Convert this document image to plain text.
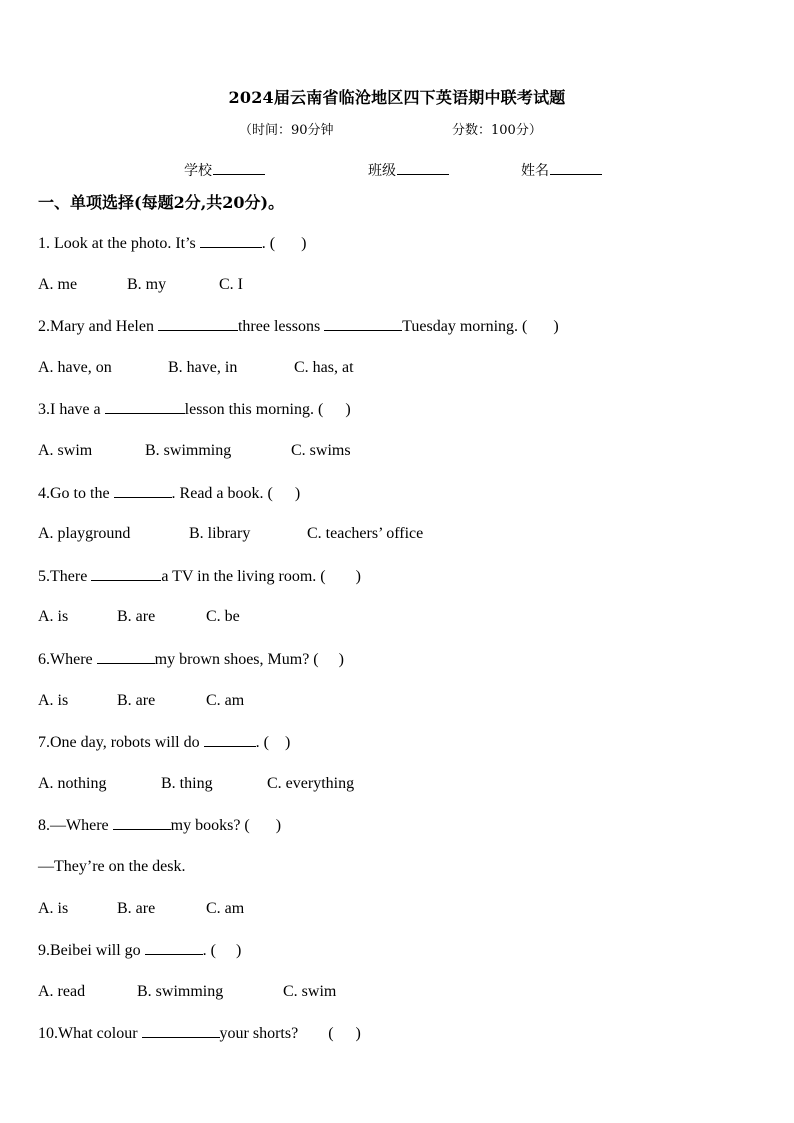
2024届云南省临沧地区四下英语期中联考试题
（时间：90分钟	分数：100分）
学校	班级	姓名
一、单项选择(每题2分,共20分)。
1. Look at the photo. It’s	. ( )
A. me	B. my	C. I
2.Mary and Helen	three lessons	Tuesday morning. ( )
A. have, on	B. have, in	C. has, at
3.I have a	lesson this morning. ( )
A. swim	B. swimming	C. swims
4.Go to the	. Read a book. ( )
A. playground	B. library	C. teachers’ office
5.There	a TV in the living room. ( )
A. is	B. are	C. be
6.Where	my brown shoes, Mum? ( )
A. is	B. are	C. am
7.One day, robots will do	. ( )
A. nothing	B. thing	C. everything
8.—Where	my books? ( )
—They’re on the desk.
A. is	B. are	C. am
9.Beibei will go	. ( )
A. read	B. swimming	C. swim
10.What colour	your shorts? ( )
